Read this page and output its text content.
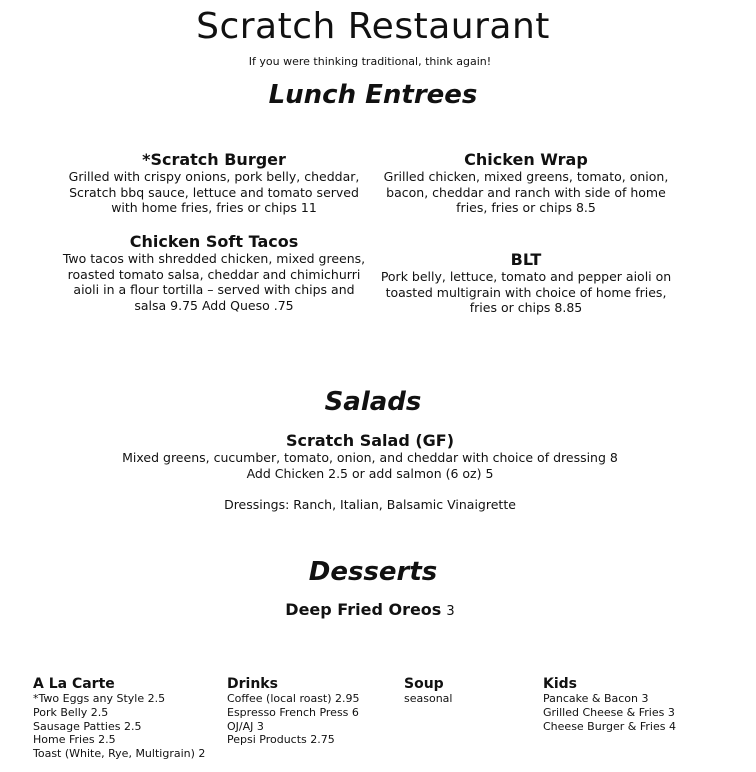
Scratch Restaurant
If you were thinking traditional, think again!
Lunch Entrees
*Scratch Burger
Grilled with crispy onions, pork belly, cheddar, Scratch bbq sauce, lettuce and tomato served with home fries, fries or chips 11
Chicken Wrap
Grilled chicken, mixed greens, tomato, onion, bacon, cheddar and ranch with side of home fries, fries or chips 8.5
Chicken Soft Tacos
Two tacos with shredded chicken, mixed greens, roasted tomato salsa, cheddar and chimichurri aioli in a flour tortilla – served with chips and salsa 9.75 Add Queso .75
BLT
Pork belly, lettuce, tomato and pepper aioli on toasted multigrain with choice of home fries, fries or chips 8.85
Salads
Scratch Salad (GF)
Mixed greens, cucumber, tomato, onion, and cheddar with choice of dressing 8
Add Chicken 2.5 or add salmon (6 oz) 5
Dressings: Ranch, Italian, Balsamic Vinaigrette
Desserts
Deep Fried Oreos 3
A La Carte
*Two Eggs any Style 2.5
Pork Belly 2.5
Sausage Patties 2.5
Home Fries 2.5
Toast (White, Rye, Multigrain) 2
Drinks
Coffee (local roast) 2.95
Espresso French Press 6
OJ/AJ 3
Pepsi Products 2.75
Soup
seasonal
Kids
Pancake & Bacon 3
Grilled Cheese & Fries 3
Cheese Burger & Fries 4
